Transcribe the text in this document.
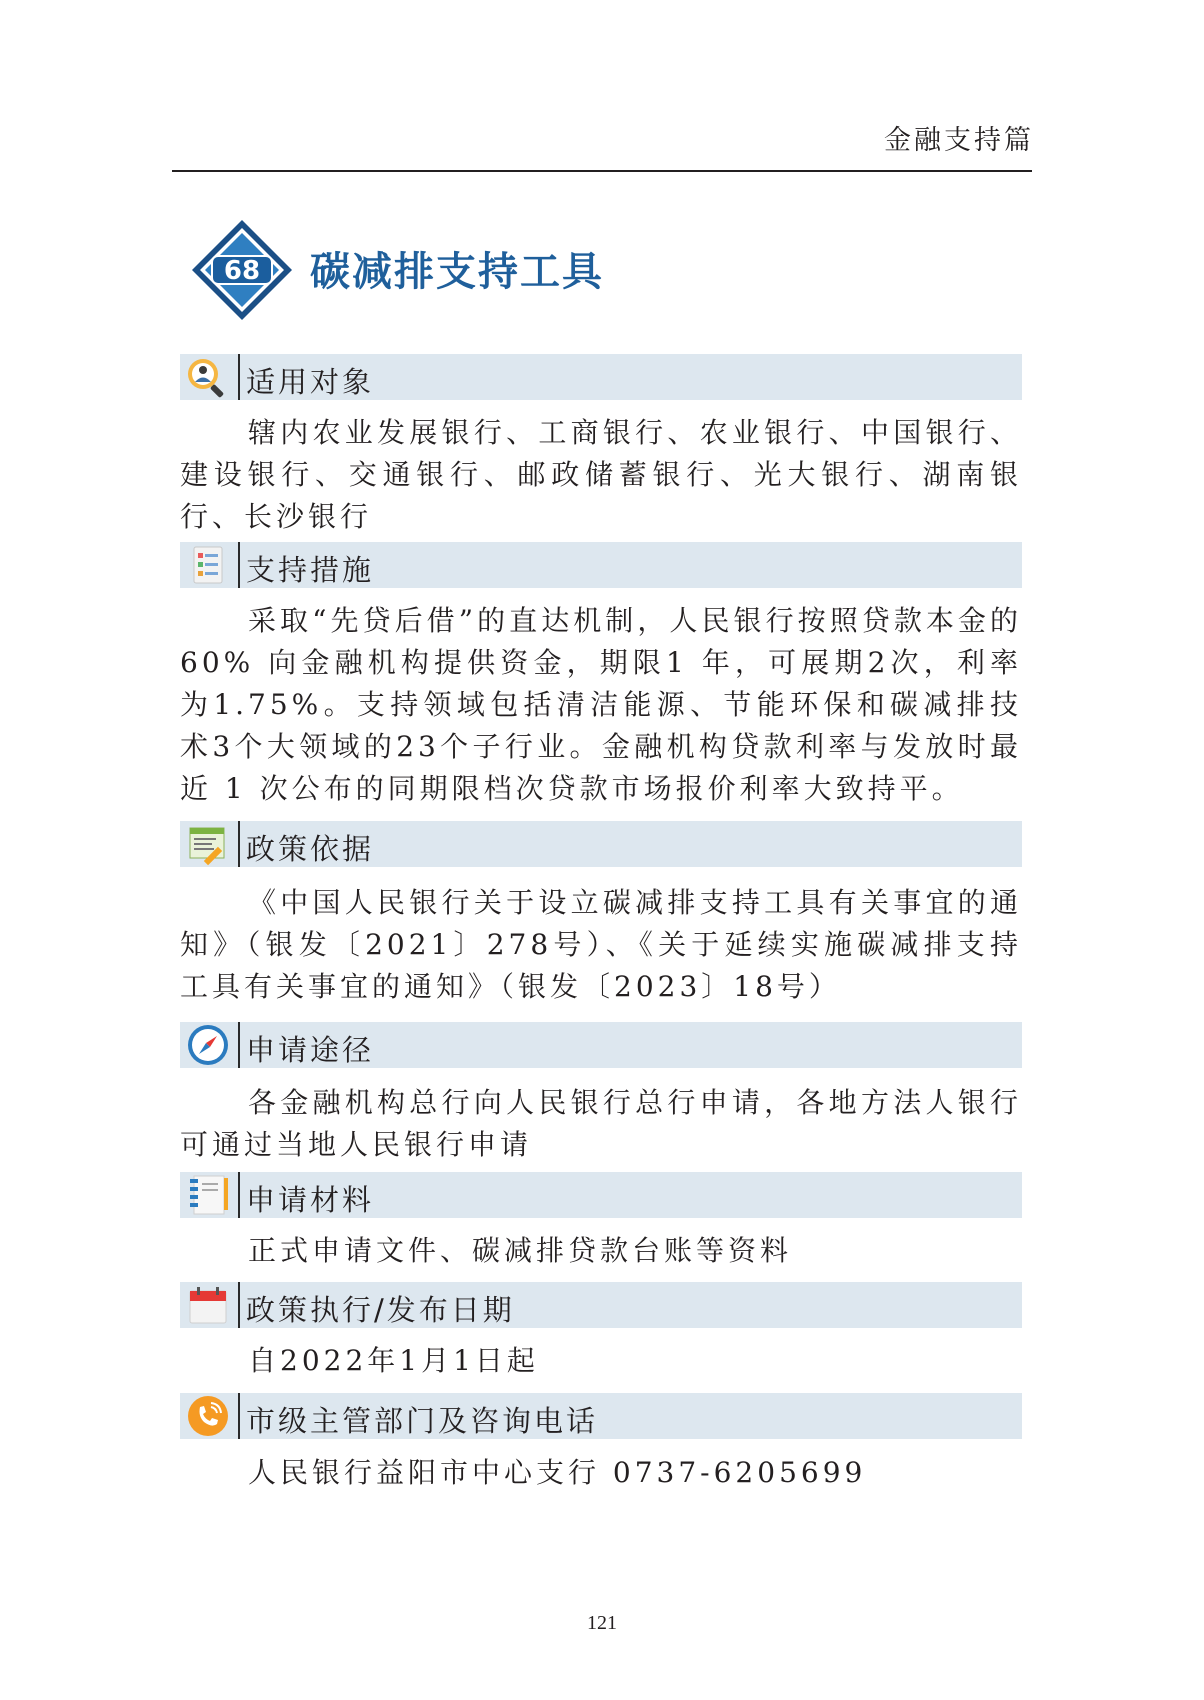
金融支持篇
68 碳减排支持工具
适用对象
辖内农业发展银行、工商银行、农业银行、中国银行、建设银行、交通银行、邮政储蓄银行、光大银行、湖南银行、长沙银行
支持措施
采取“先贷后借”的直达机制，人民银行按照贷款本金的 60% 向金融机构提供资金，期限1 年，可展期2次，利率为1.75%。支持领域包括清洁能源、节能环保和碳减排技术3个大领域的23个子行业。金融机构贷款利率与发放时最近 1 次公布的同期限档次贷款市场报价利率大致持平。
政策依据
《中国人民银行关于设立碳减排支持工具有关事宜的通知》（银发〔2021〕278号）、《关于延续实施碳减排支持工具有关事宜的通知》（银发〔2023〕18号）
申请途径
各金融机构总行向人民银行总行申请，各地方法人银行可通过当地人民银行申请
申请材料
正式申请文件、碳减排贷款台账等资料
政策执行/发布日期
自2022年1月1日起
市级主管部门及咨询电话
人民银行益阳市中心支行 0737-6205699
121
